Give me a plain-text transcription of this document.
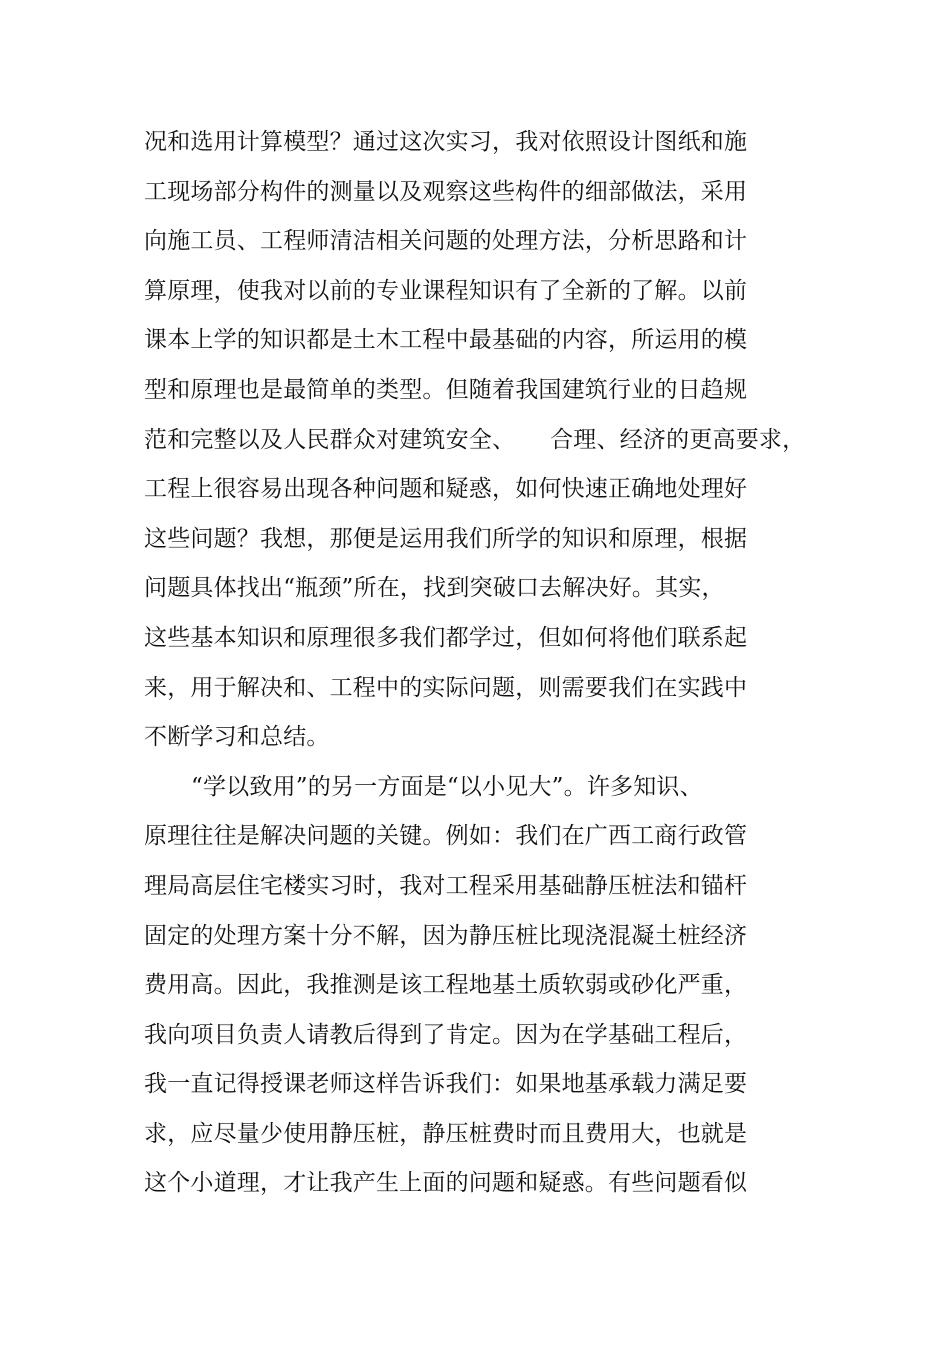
况和选用计算模型？通过这次实习，我对依照设计图纸和施
工现场部分构件的测量以及观察这些构件的细部做法，采用
向施工员、工程师清洁相关问题的处理方法，分析思路和计
算原理，使我对以前的专业课程知识有了全新的了解。以前
课本上学的知识都是土木工程中最基础的内容，所运用的模
型和原理也是最简单的类型。但随着我国建筑行业的日趋规
范和完整以及人民群众对建筑安全、　　合理、经济的更高要求，
工程上很容易出现各种问题和疑惑，如何快速正确地处理好
这些问题？我想，那便是运用我们所学的知识和原理，根据
问题具体找出“瓶颈”所在，找到突破口去解决好。其实，
这些基本知识和原理很多我们都学过，但如何将他们联系起
来，用于解决和、工程中的实际问题，则需要我们在实践中
不断学习和总结。
“学以致用”的另一方面是“以小见大”。许多知识、
原理往往是解决问题的关键。例如：我们在广西工商行政管
理局高层住宅楼实习时，我对工程采用基础静压桩法和锚杆
固定的处理方案十分不解，因为静压桩比现浇混凝土桩经济
费用高。因此，我推测是该工程地基土质软弱或砂化严重，
我向项目负责人请教后得到了肯定。因为在学基础工程后，
我一直记得授课老师这样告诉我们：如果地基承载力满足要
求，应尽量少使用静压桩，静压桩费时而且费用大，也就是
这个小道理，才让我产生上面的问题和疑惑。有些问题看似
